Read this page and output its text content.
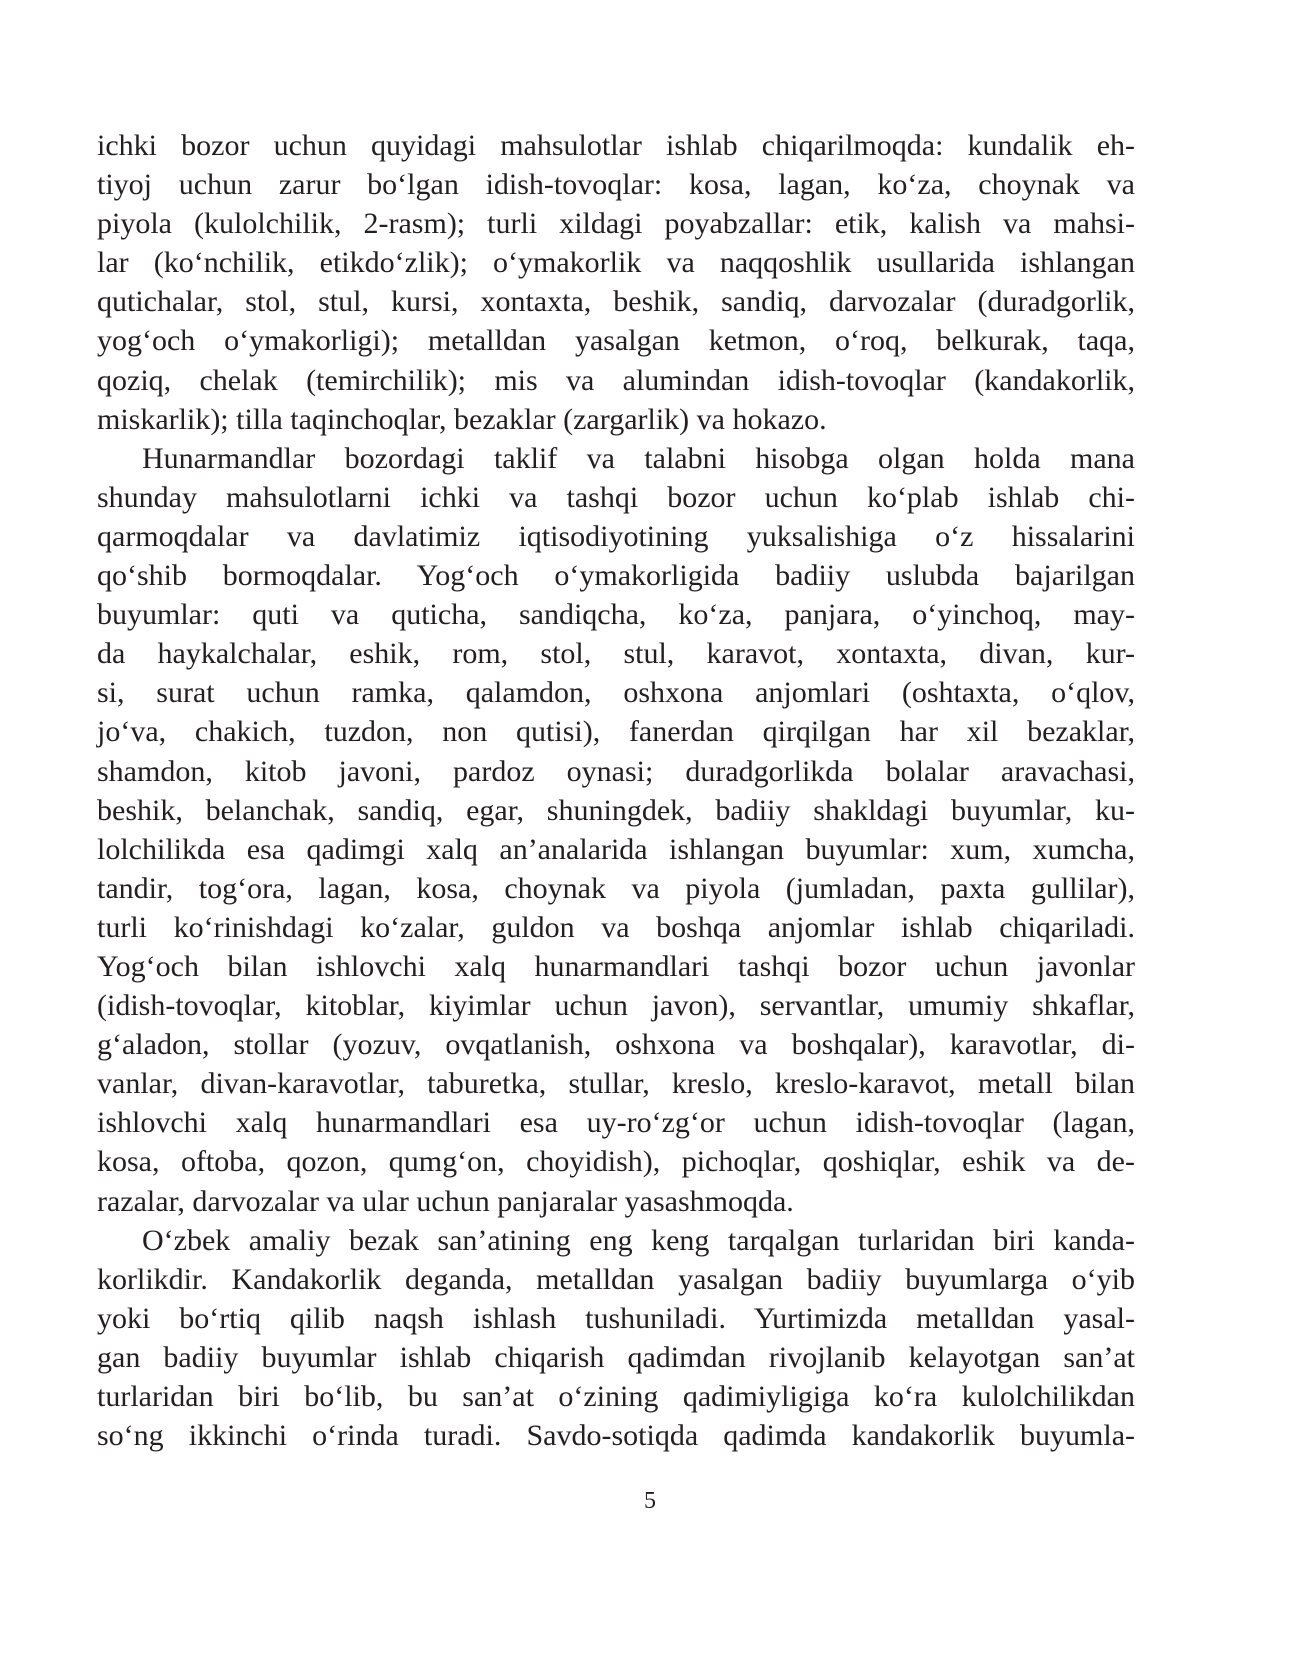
ichki bozor uchun quyidagi mahsulotlar ishlab chiqarilmoqda: kundalik eh-
tiyoj uchun zarur bo‘lgan idish-tovoqlar: kosa, lagan, ko‘za, choynak va
piyola (kulolchilik, 2-rasm); turli xildagi poyabzallar: etik, kalish va mahsi-
lar (ko‘nchilik, etikdo‘zlik); o‘ymakorlik va naqqoshlik usullarida ishlangan
qutichalar, stol, stul, kursi, xontaxta, beshik, sandiq, darvozalar (duradgorlik,
yog‘och o‘ymakorligi); metalldan yasalgan ketmon, o‘roq, belkurak, taqa,
qoziq, chelak (temirchilik); mis va alumindan idish-tovoqlar (kandakorlik,
miskarlik); tilla taqinchoqlar, bezaklar (zargarlik) va hokazo.
Hunarmandlar bozordagi taklif va talabni hisobga olgan holda mana
shunday mahsulotlarni ichki va tashqi bozor uchun ko‘plab ishlab chi-
qarmoqdalar va davlatimiz iqtisodiyotining yuksalishiga o‘z hissalarini
qo‘shib bormoqdalar. Yog‘och o‘ymakorligida badiiy uslubda bajarilgan
buyumlar: quti va quticha, sandiqcha, ko‘za, panjara, o‘yinchoq, may-
da haykalchalar, eshik, rom, stol, stul, karavot, xontaxta, divan, kur-
si, surat uchun ramka, qalamdon, oshxona anjomlari (oshtaxta, o‘qlov,
jo‘va, chakich, tuzdon, non qutisi), fanerdan qirqilgan har xil bezaklar,
shamdon, kitob javoni, pardoz oynasi; duradgorlikda bolalar aravachasi,
beshik, belanchak, sandiq, egar, shuningdek, badiiy shakldagi buyumlar, ku-
lolchilikda esa qadimgi xalq an’analarida ishlangan buyumlar: xum, xumcha,
tandir, tog‘ora, lagan, kosa, choynak va piyola (jumladan, paxta gullilar),
turli ko‘rinishdagi ko‘zalar, guldon va boshqa anjomlar ishlab chiqariladi.
Yog‘och bilan ishlovchi xalq hunarmandlari tashqi bozor uchun javonlar
(idish-tovoqlar, kitoblar, kiyimlar uchun javon), servantlar, umumiy shkaflar,
g‘aladon, stollar (yozuv, ovqatlanish, oshxona va boshqalar), karavotlar, di-
vanlar, divan-karavotlar, taburetka, stullar, kreslo, kreslo-karavot, metall bilan
ishlovchi xalq hunarmandlari esa uy-ro‘zg‘or uchun idish-tovoqlar (lagan,
kosa, oftoba, qozon, qumg‘on, choyidish), pichoqlar, qoshiqlar, eshik va de-
razalar, darvozalar va ular uchun panjaralar yasashmoqda.
O‘zbek amaliy bezak san’atining eng keng tarqalgan turlaridan biri kanda-
korlikdir. Kandakorlik deganda, metalldan yasalgan badiiy buyumlarga o‘yib
yoki bo‘rtiq qilib naqsh ishlash tushuniladi. Yurtimizda metalldan yasal-
gan badiiy buyumlar ishlab chiqarish qadimdan rivojlanib kelayotgan san’at
turlaridan biri bo‘lib, bu san’at o‘zining qadimiyligiga ko‘ra kulolchilikdan
so‘ng ikkinchi o‘rinda turadi. Savdo-sotiqda qadimda kandakorlik buyumla-
5
